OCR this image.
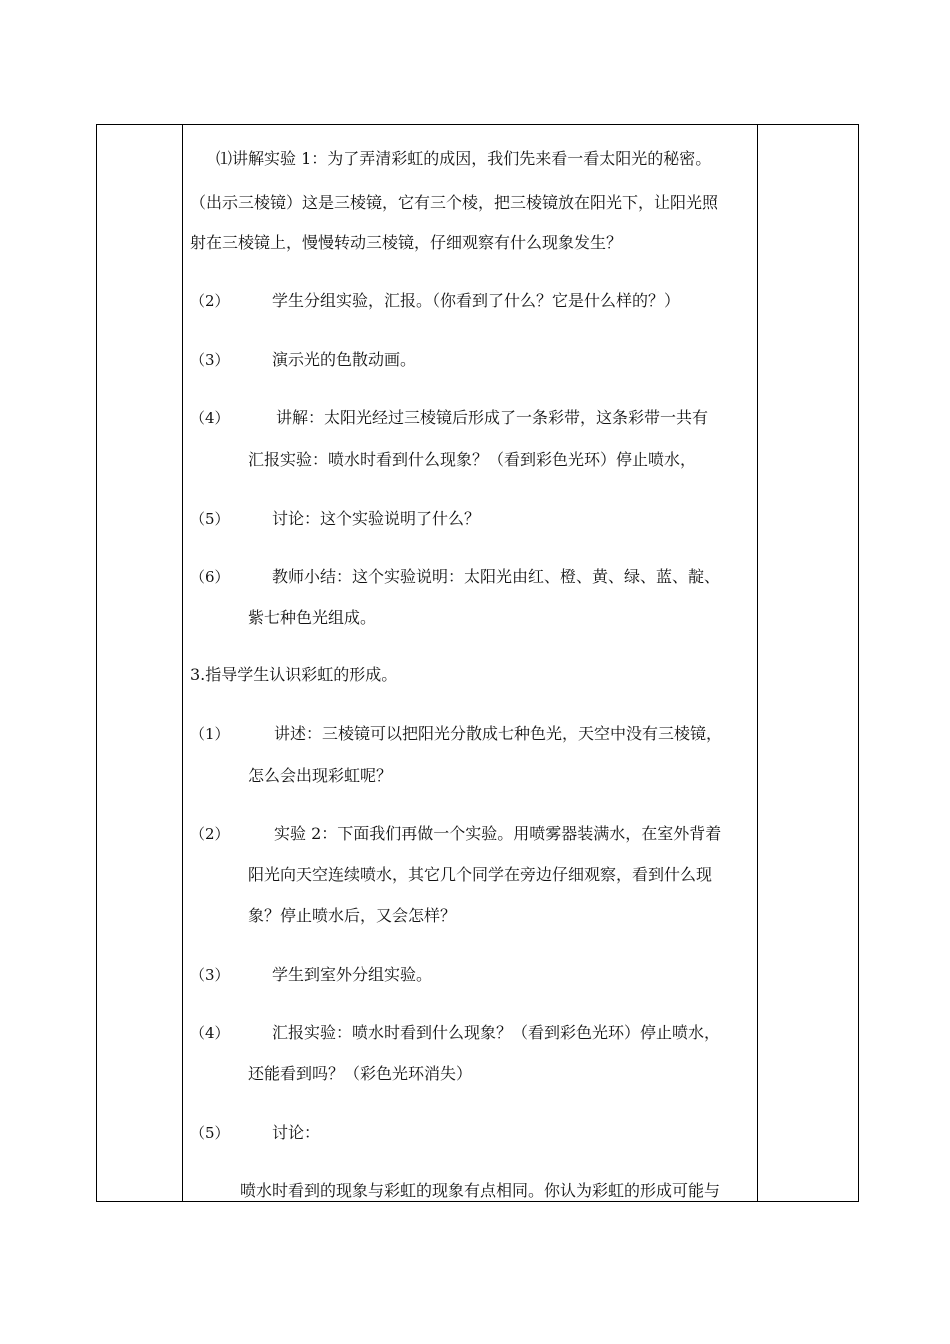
⑴讲解实验 1：为了弄清彩虹的成因，我们先来看一看太阳光的秘密。
（出示三棱镜）这是三棱镜，它有三个棱，把三棱镜放在阳光下，让阳光照
射在三棱镜上，慢慢转动三棱镜，仔细观察有什么现象发生？
（2）	学生分组实验，汇报。（你看到了什么？它是什么样的？）
（3）	演示光的色散动画。
（4）	讲解：太阳光经过三棱镜后形成了一条彩带，这条彩带一共有
汇报实验：喷水时看到什么现象？（看到彩色光环）停止喷水，
（5）	讨论：这个实验说明了什么？
（6）	教师小结：这个实验说明：太阳光由红、橙、黄、绿、蓝、靛、
紫七种色光组成。
3.指导学生认识彩虹的形成。
（1）	讲述：三棱镜可以把阳光分散成七种色光，天空中没有三棱镜，
怎么会出现彩虹呢？
（2）	实验 2：下面我们再做一个实验。用喷雾器装满水，在室外背着
阳光向天空连续喷水，其它几个同学在旁边仔细观察，看到什么现
象？停止喷水后，又会怎样？
（3）	学生到室外分组实验。
（4）	汇报实验：喷水时看到什么现象？（看到彩色光环）停止喷水，
还能看到吗？（彩色光环消失）
（5）	讨论：
喷水时看到的现象与彩虹的现象有点相同。你认为彩虹的形成可能与
